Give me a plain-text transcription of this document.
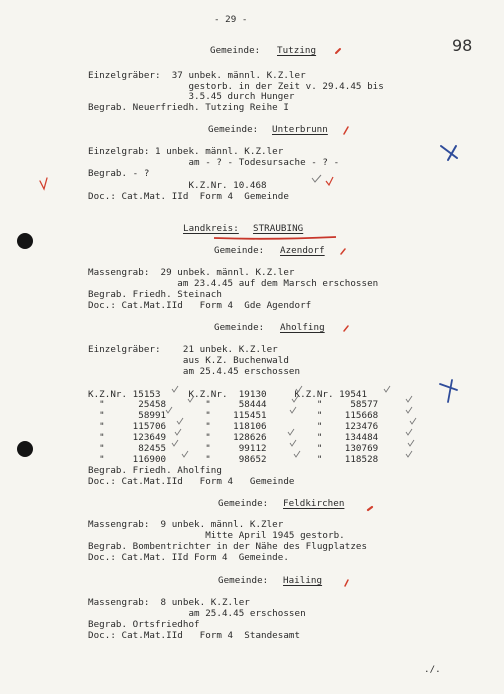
- 29 -
98
Gemeinde: Tutzing
Einzelgräber:  37 unbek. männl. K.Z.ler
gestorb. in der Zeit v. 29.4.45 bis
3.5.45 durch Hunger
Begrab. Neuerfriedh. Tutzing Reihe I
Gemeinde: Unterbrunn
Einzelgrab: 1 unbek. männl. K.Z.ler
am - ? - Todesursache - ? -
Begrab. - ?
K.Z.Nr. 10.468
Doc.: Cat.Mat. IId  Form 4  Gemeinde
Landkreis: STRAUBING
Gemeinde: Azendorf
Massengrab:  29 unbek. männl. K.Z.ler
am 23.4.45 auf dem Marsch erschossen
Begrab. Friedh. Steinach
Doc.: Cat.Mat.IId   Form 4  Gde Agendorf
Gemeinde: Aholfing
Einzelgräber:    21 unbek. K.Z.ler
aus K.Z. Buchenwald
am 25.4.45 erschossen
K.Z.Nr. 15153     K.Z.Nr.  19130     K.Z.Nr. 19541
"      25458       "     58444         "     58577
"      58991       "    115451         "    115668
"     115706       "    118106         "    123476
"     123649       "    128626         "    134484
"      82455       "     99112         "    130769
"     116900       "     98652         "    118528
Begrab. Friedh. Aholfing
Doc.: Cat.Mat.IId   Form 4   Gemeinde
Gemeinde: Feldkirchen
Massengrab:  9 unbek. männl. K.Zler
Mitte April 1945 gestorb.
Begrab. Bombentrichter in der Nähe des Flugplatzes
Doc.: Cat.Mat. IId Form 4  Gemeinde.
Gemeinde: Hailing
Massengrab:  8 unbek. K.Z.ler
am 25.4.45 erschossen
Begrab. Ortsfriedhof
Doc.: Cat.Mat.IId   Form 4  Standesamt
./.
